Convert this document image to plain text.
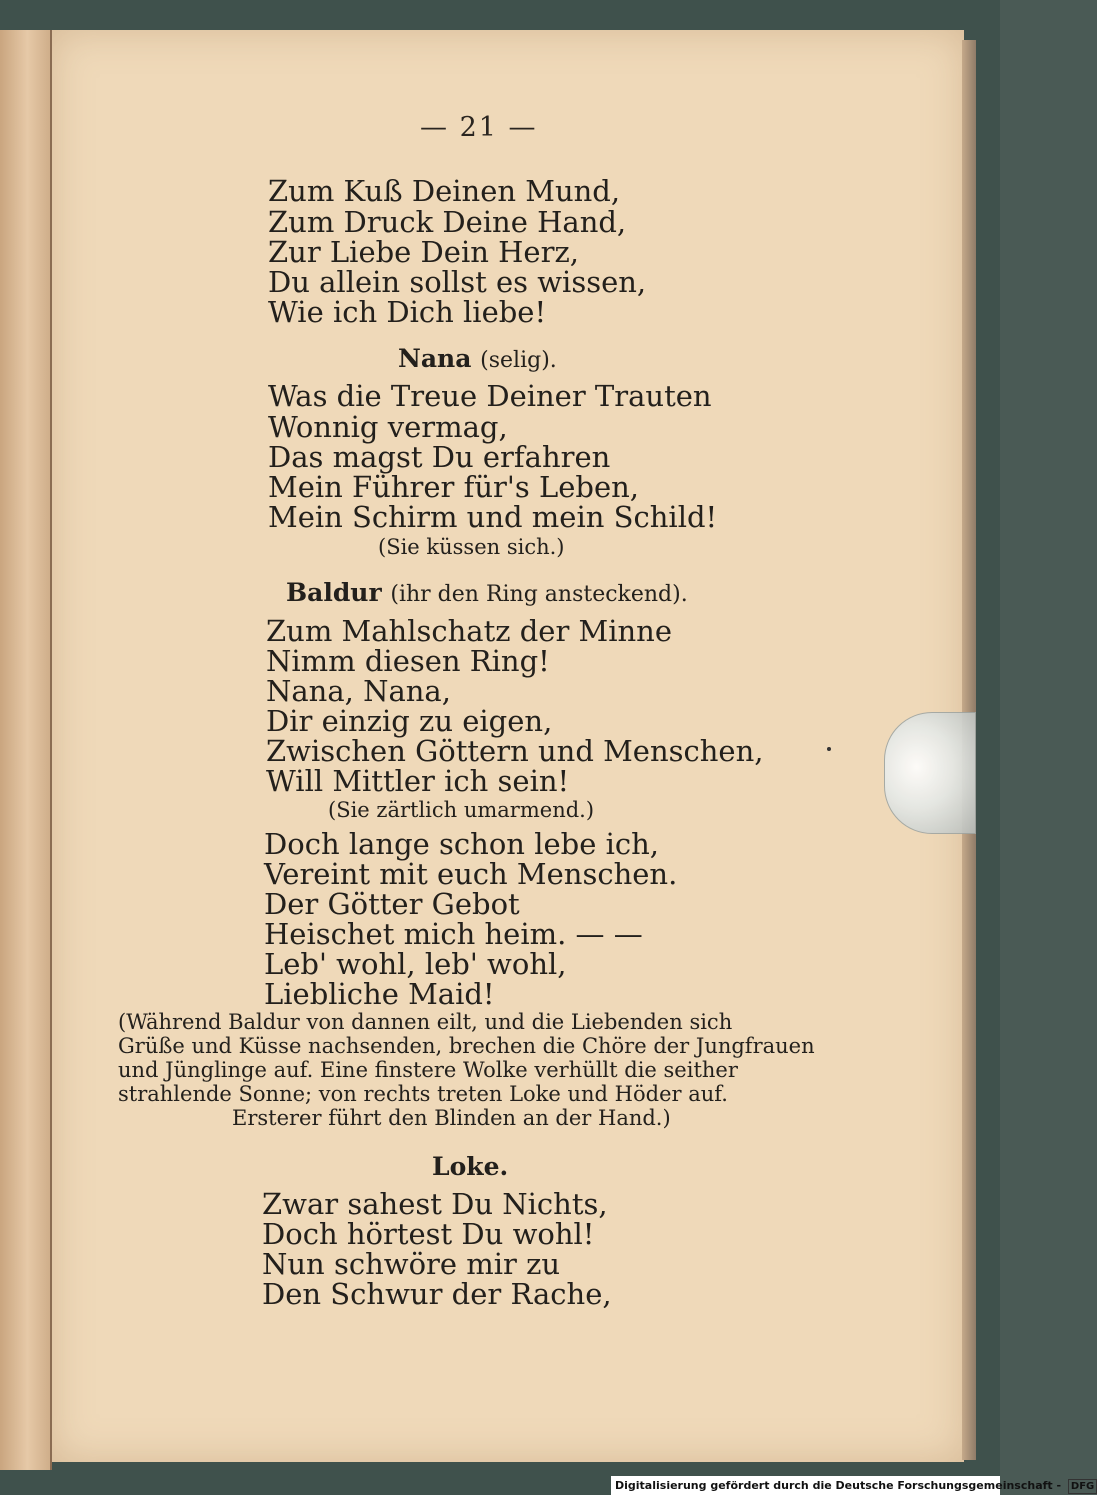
— 21 —
Zum Kuß Deinen Mund,
Zum Druck Deine Hand,
Zur Liebe Dein Herz,
Du allein sollst es wissen,
Wie ich Dich liebe!
Nana (selig).
Was die Treue Deiner Trauten
Wonnig vermag,
Das magst Du erfahren
Mein Führer für's Leben,
Mein Schirm und mein Schild!
(Sie küssen sich.)
Baldur (ihr den Ring ansteckend).
Zum Mahlschatz der Minne
Nimm diesen Ring!
Nana, Nana,
Dir einzig zu eigen,
Zwischen Göttern und Menschen,
Will Mittler ich sein!
(Sie zärtlich umarmend.)
Doch lange schon lebe ich,
Vereint mit euch Menschen.
Der Götter Gebot
Heischet mich heim. — —
Leb' wohl, leb' wohl,
Liebliche Maid!
(Während Baldur von dannen eilt, und die Liebenden sich
Grüße und Küsse nachsenden, brechen die Chöre der Jungfrauen
und Jünglinge auf. Eine finstere Wolke verhüllt die seither
strahlende Sonne; von rechts treten Loke und Höder auf.
Ersterer führt den Blinden an der Hand.)
Loke.
Zwar sahest Du Nichts,
Doch hörtest Du wohl!
Nun schwöre mir zu
Den Schwur der Rache,
Digitalisierung gefördert durch die Deutsche Forschungsgemeinschaft - DFG
